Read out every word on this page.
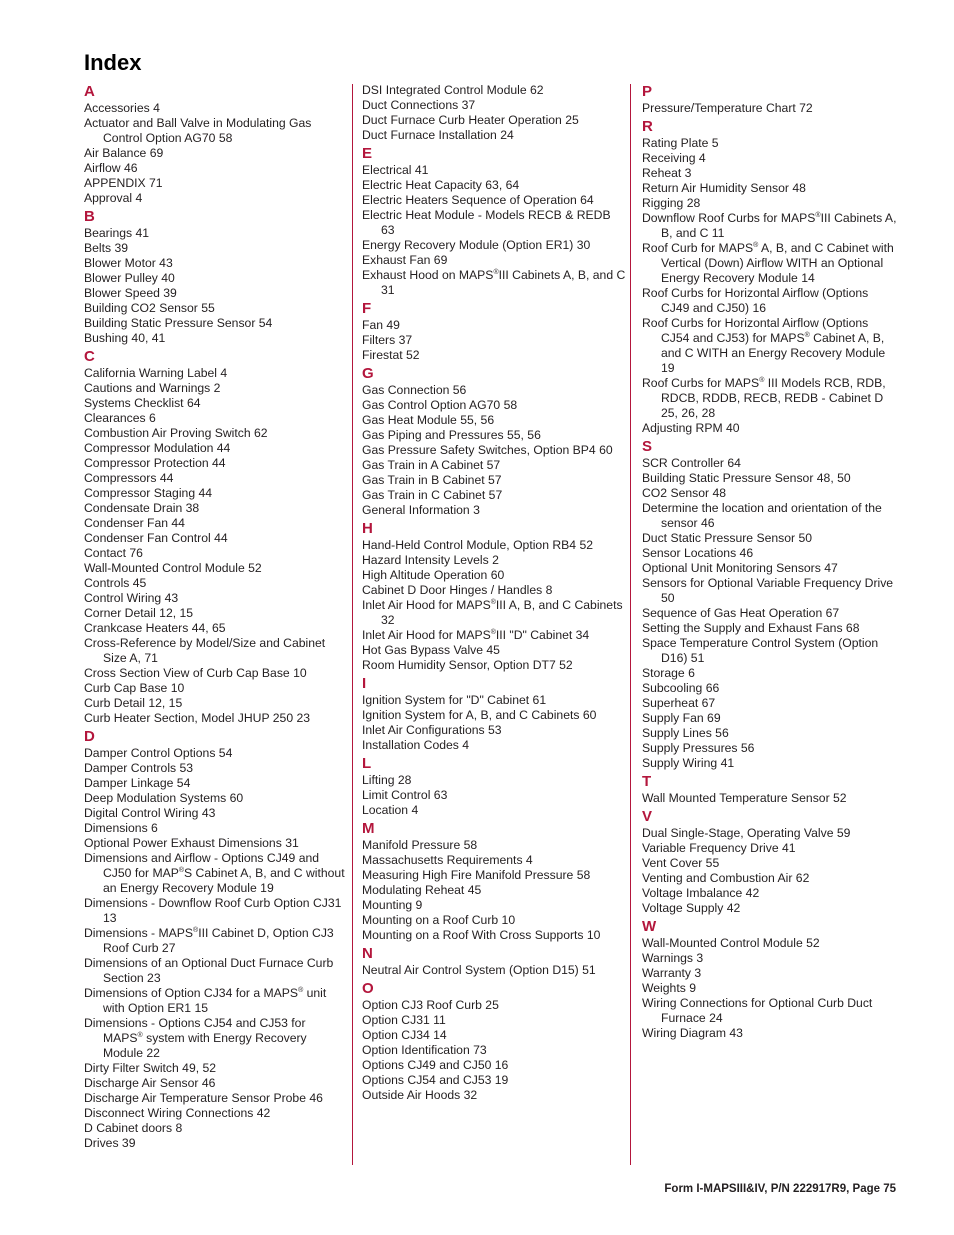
Index
A
Accessories 4
Actuator and Ball Valve in Modulating Gas Control Option AG70 58
Air Balance 69
Airflow 46
APPENDIX 71
Approval 4
B
Bearings 41
Belts 39
Blower Motor 43
Blower Pulley 40
Blower Speed 39
Building CO2 Sensor 55
Building Static Pressure Sensor 54
Bushing 40, 41
C
California Warning Label 4
Cautions and Warnings 2
Systems Checklist 64
Clearances 6
Combustion Air Proving Switch 62
Compressor Modulation 44
Compressor Protection 44
Compressors 44
Compressor Staging 44
Condensate Drain 38
Condenser Fan 44
Condenser Fan Control 44
Contact 76
Wall-Mounted Control Module 52
Controls 45
Control Wiring 43
Corner Detail 12, 15
Crankcase Heaters 44, 65
Cross-Reference by Model/Size and Cabinet Size A, 71
Cross Section View of Curb Cap Base 10
Curb Cap Base 10
Curb Detail 12, 15
Curb Heater Section, Model JHUP 250 23
D
Damper Control Options 54
Damper Controls 53
Damper Linkage 54
Deep Modulation Systems 60
Digital Control Wiring 43
Dimensions 6
Optional Power Exhaust Dimensions 31
Dimensions and Airflow - Options CJ49 and CJ50 for MAP®S Cabinet A, B, and C without an Energy Recovery Module 19
Dimensions - Downflow Roof Curb Option CJ31 13
Dimensions - MAPS®III Cabinet D, Option CJ3 Roof Curb 27
Dimensions of an Optional Duct Furnace Curb Section 23
Dimensions of Option CJ34 for a MAPS® unit with Option ER1 15
Dimensions - Options CJ54 and CJ53 for MAPS® system with Energy Recovery Module 22
Dirty Filter Switch 49, 52
Discharge Air Sensor 46
Discharge Air Temperature Sensor Probe 46
Disconnect Wiring Connections 42
D Cabinet doors 8
Drives 39
DSI Integrated Control Module 62
Duct Connections 37
Duct Furnace Curb Heater Operation 25
Duct Furnace Installation 24
E
Electrical 41
Electric Heat Capacity 63, 64
Electric Heaters Sequence of Operation 64
Electric Heat Module - Models RECB & REDB 63
Energy Recovery Module (Option ER1) 30
Exhaust Fan 69
Exhaust Hood on MAPS®III Cabinets A, B, and C 31
F
Fan 49
Filters 37
Firestat 52
G
Gas Connection 56
Gas Control Option AG70 58
Gas Heat Module 55, 56
Gas Piping and Pressures 55, 56
Gas Pressure Safety Switches, Option BP4 60
Gas Train in A Cabinet 57
Gas Train in B Cabinet 57
Gas Train in C Cabinet 57
General Information 3
H
Hand-Held Control Module, Option RB4 52
Hazard Intensity Levels 2
High Altitude Operation 60
Cabinet D Door Hinges / Handles 8
Inlet Air Hood for MAPS®III A, B, and C Cabinets 32
Inlet Air Hood for MAPS®III "D" Cabinet 34
Hot Gas Bypass Valve 45
Room Humidity Sensor, Option DT7 52
I
Ignition System for "D" Cabinet 61
Ignition System for A, B, and C Cabinets 60
Inlet Air Configurations 53
Installation Codes 4
L
Lifting 28
Limit Control 63
Location 4
M
Manifold Pressure 58
Massachusetts Requirements 4
Measuring High Fire Manifold Pressure 58
Modulating Reheat 45
Mounting 9
Mounting on a Roof Curb 10
Mounting on a Roof With Cross Supports 10
N
Neutral Air Control System (Option D15) 51
O
Option CJ3 Roof Curb 25
Option CJ31 11
Option CJ34 14
Option Identification 73
Options CJ49 and CJ50 16
Options CJ54 and CJ53 19
Outside Air Hoods 32
P
Pressure/Temperature Chart 72
R
Rating Plate 5
Receiving 4
Reheat 3
Return Air Humidity Sensor 48
Rigging 28
Downflow Roof Curbs for MAPS®III Cabinets A, B, and C 11
Roof Curb for MAPS® A, B, and C Cabinet with Vertical (Down) Airflow WITH an Optional Energy Recovery Module 14
Roof Curbs for Horizontal Airflow (Options CJ49 and CJ50) 16
Roof Curbs for Horizontal Airflow (Options CJ54 and CJ53) for MAPS® Cabinet A, B, and C WITH an Energy Recovery Module 19
Roof Curbs for MAPS® III Models RCB, RDB, RDCB, RDDB, RECB, REDB - Cabinet D 25, 26, 28
Adjusting RPM 40
S
SCR Controller 64
Building Static Pressure Sensor 48, 50
CO2 Sensor 48
Determine the location and orientation of the sensor 46
Duct Static Pressure Sensor 50
Sensor Locations 46
Optional Unit Monitoring Sensors 47
Sensors for Optional Variable Frequency Drive 50
Sequence of Gas Heat Operation 67
Setting the Supply and Exhaust Fans 68
Space Temperature Control System (Option D16) 51
Storage 6
Subcooling 66
Superheat 67
Supply Fan 69
Supply Lines 56
Supply Pressures 56
Supply Wiring 41
T
Wall Mounted Temperature Sensor 52
V
Dual Single-Stage, Operating Valve 59
Variable Frequency Drive 41
Vent Cover 55
Venting and Combustion Air 62
Voltage Imbalance 42
Voltage Supply 42
W
Wall-Mounted Control Module 52
Warnings 3
Warranty 3
Weights 9
Wiring Connections for Optional Curb Duct Furnace 24
Wiring Diagram 43
Form I-MAPSIII&IV, P/N 222917R9, Page 75
